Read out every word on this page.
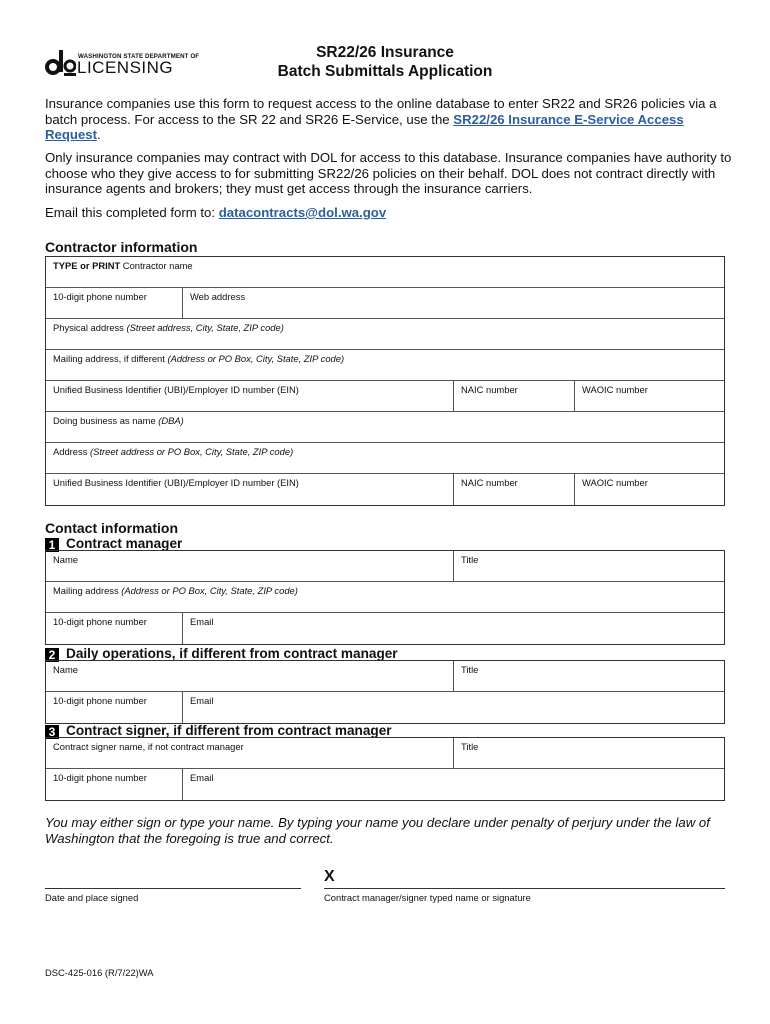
WASHINGTON STATE DEPARTMENT OF
LICENSING
SR22/26 Insurance
Batch Submittals Application

Insurance companies use this form to request access to the online database to enter SR22 and SR26 policies via a batch process. For access to the SR 22 and SR26 E-Service, use the SR22/26 Insurance E-Service Access Request.

Only insurance companies may contract with DOL for access to this database. Insurance companies have authority to choose who they give access to for submitting SR22/26 policies on their behalf. DOL does not contract directly with insurance agents and brokers; they must get access through the insurance carriers.

Email this completed form to: datacontracts@dol.wa.gov

Contractor information
TYPE or PRINT Contractor name
10-digit phone number	Web address
Physical address (Street address, City, State, ZIP code)
Mailing address, if different (Address or PO Box, City, State, ZIP code)
Unified Business Identifier (UBI)/Employer ID number (EIN)	NAIC number	WAOIC number
Doing business as name (DBA)
Address (Street address or PO Box, City, State, ZIP code)
Unified Business Identifier (UBI)/Employer ID number (EIN)	NAIC number	WAOIC number
Contact information
1 Contract manager
Name	Title
Mailing address (Address or PO Box, City, State, ZIP code)
10-digit phone number	Email
2 Daily operations, if different from contract manager
Name	Title
10-digit phone number	Email
3 Contract signer, if different from contract manager
Contract signer name, if not contract manager	Title
10-digit phone number	Email

You may either sign or type your name. By typing your name you declare under penalty of perjury under the law of Washington that the foregoing is true and correct.

X
Date and place signed	Contract manager/signer typed name or signature
DSC-425-016 (R/7/22)WA
